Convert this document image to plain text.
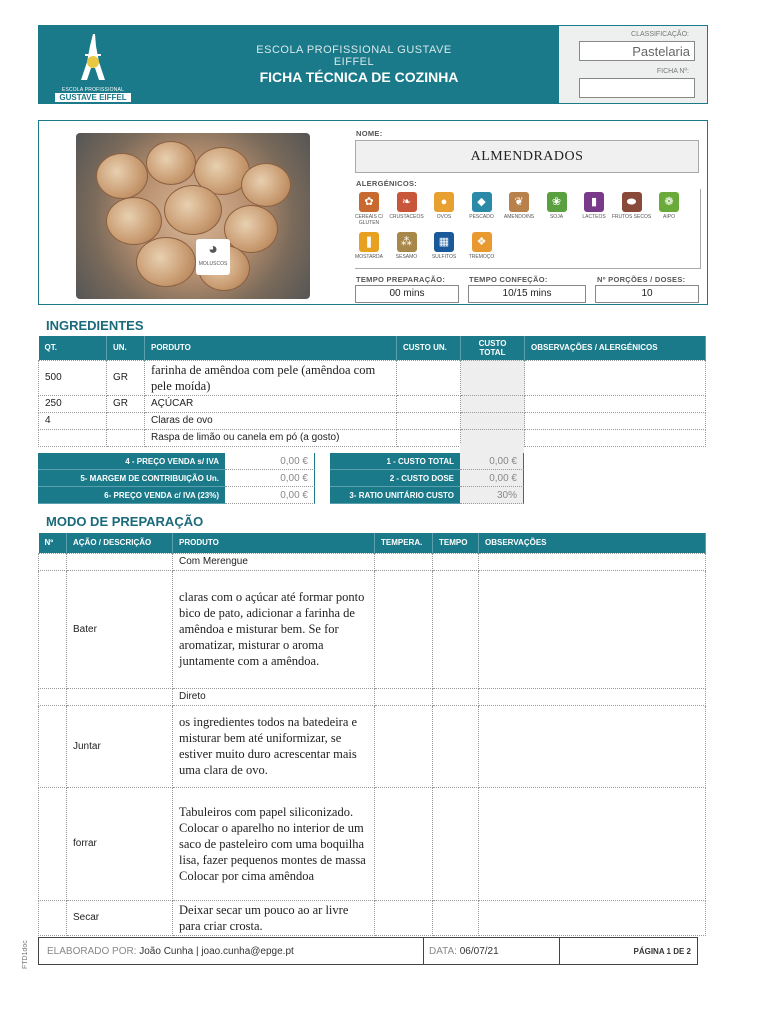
ESCOLA PROFISSIONAL
GUSTAVE EIFFEL
ESCOLA PROFISSIONAL GUSTAVE EIFFEL
FICHA TÉCNICA DE COZINHA
CLASSIFICAÇÃO:
Pastelaria
FICHA Nº:
◕
MOLUSCOS
NOME:
ALMENDRADOS
ALERGÉNICOS:
✿
CEREAIS C/ GLUTEN
❧
CRUSTACEOS
●
OVOS
◆
PESCADO
❦
AMENDOINS
❀
SOJA
▮
LACTEOS
⬬
FRUTOS SECOS
❁
AIPO
❚
MOSTARDA
⁂
SESAMO
▦
SULFITOS
❖
TREMOÇO
TEMPO PREPARAÇÃO:
00 mins
TEMPO CONFEÇÃO:
10/15 mins
Nº PORÇÕES / DOSES:
10
INGREDIENTES
QT.	UN.	PORDUTO	CUSTO UN.	CUSTO TOTAL	OBSERVAÇÕES / ALERGÉNICOS
500	GR	farinha de amêndoa com pele (amêndoa com pele moída)			
250	GR	AÇÚCAR			
4		Claras de ovo			
		Raspa de limão ou canela em pó (a gosto)			
4 - PREÇO VENDA s/ IVA	0,00 €
5- MARGEM DE CONTRIBUIÇÃO Un.	0,00 €
6- PREÇO VENDA c/ IVA (23%)	0,00 €
1 - CUSTO TOTAL	0,00 €
2 - CUSTO DOSE	0,00 €
3- RATIO UNITÁRIO CUSTO	30%
MODO DE PREPARAÇÃO
Nº	AÇÃO / DESCRIÇÃO	PRODUTO	TEMPERA.	TEMPO	OBSERVAÇÕES
		Com Merengue			
	Bater	claras com o açúcar até formar ponto bico de pato, adicionar a farinha de amêndoa e misturar bem. Se for aromatizar, misturar o aroma juntamente com a amêndoa.			
		Direto			
	Juntar	os ingredientes todos na batedeira e misturar bem até uniformizar, se estiver muito duro acrescentar mais uma clara de ovo.			
	forrar	Tabuleiros com papel siliconizado.
Colocar o aparelho no interior de um saco de pasteleiro com uma boquilha lisa, fazer pequenos montes de massa
Colocar por cima amêndoa			
	Secar	Deixar secar um pouco ao ar livre para criar crosta.			
FTD1doc	ELABORADO POR: João Cunha | joao.cunha@epge.pt	DATA: 06/07/21	PÁGINA 1 DE 2
